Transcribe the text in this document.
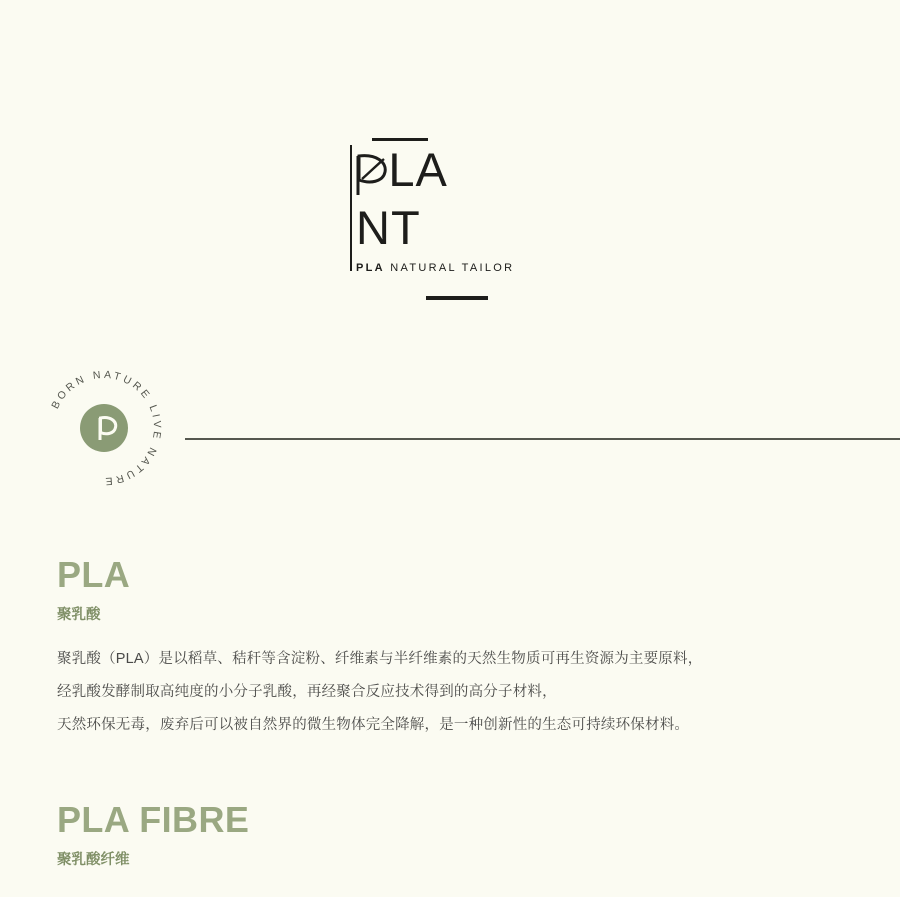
LA
NT
PLA NATURAL TAILOR
BORN NATURE LIVE NATURE
PLA
聚乳酸

聚乳酸（PLA）是以稻草、秸秆等含淀粉、纤维素与半纤维素的天然生物质可再生资源为主要原料，

经乳酸发酵制取高纯度的小分子乳酸，再经聚合反应技术得到的高分子材料，

天然环保无毒，废弃后可以被自然界的微生物体完全降解，是一种创新性的生态可持续环保材料。

PLA FIBRE
聚乳酸纤维
